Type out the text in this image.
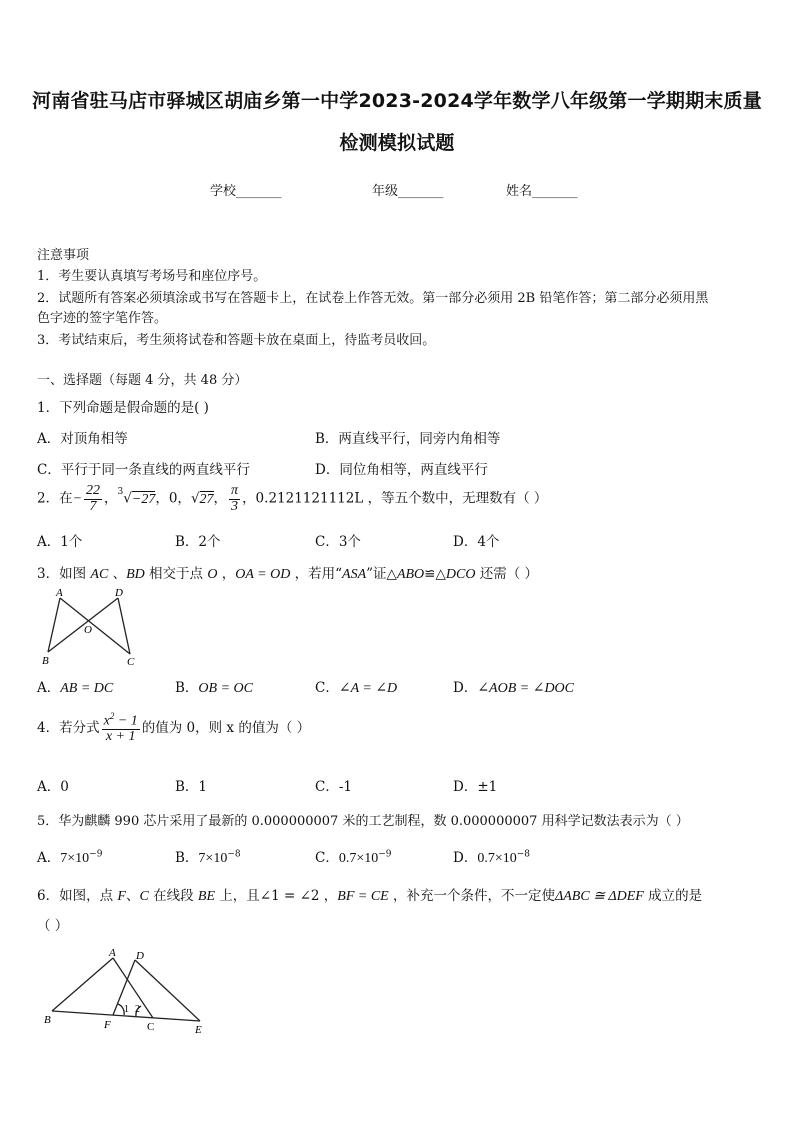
河南省驻马店市驿城区胡庙乡第一中学2023-2024学年数学八年级第一学期期末质量
检测模拟试题
学校_______	年级_______	姓名_______
注意事项
1．考生要认真填写考场号和座位序号。
2．试题所有答案必须填涂或书写在答题卡上，在试卷上作答无效。第一部分必须用 2B 铅笔作答；第二部分必须用黑
色字迹的签字笔作答。
3．考试结束后，考生须将试卷和答题卡放在桌面上，待监考员收回。
一、选择题（每题 4 分，共 48 分）
1．下列命题是假命题的是( )
A．对顶角相等	B．两直线平行，同旁内角相等
C．平行于同一条直线的两直线平行	D．同位角相等，两直线平行
2．在− $\frac{22}{7}$ ，$^3$√−27，0，√27， $\frac{\pi}{3}$ ，0.2121121112L ，等五个数中，无理数有（ ）
A．1个	B．2个	C．3个	D．4个
3．如图 AC 、BD 相交于点 O ，OA = OD ，若用“ASA”证△ABO≌△DCO 还需（ ）
A	D
O
B	C
A．AB = DC	B．OB = OC	C．∠A = ∠D	D．∠AOB = ∠DOC
4．若分式 $\frac{x^2 - 1}{x + 1}$ 的值为 0，则 x 的值为（ ）
A．0	B．1	C．-1	D．±1
5．华为麒麟 990 芯片采用了最新的 0.000000007 米的工艺制程，数 0.000000007 用科学记数法表示为（ ）
A．$7\times 10^{-9}$	B．$7\times 10^{-8}$	C．$0.7\times 10^{-9}$	D．$0.7\times 10^{-8}$
6．如图，点 F、C 在线段 BE 上，且∠1 = ∠2 ，BF = CE ，补充一个条件，不一定使ΔABC ≅ ΔDEF 成立的是
（ ）
A D
B	F	C	E
1 2
